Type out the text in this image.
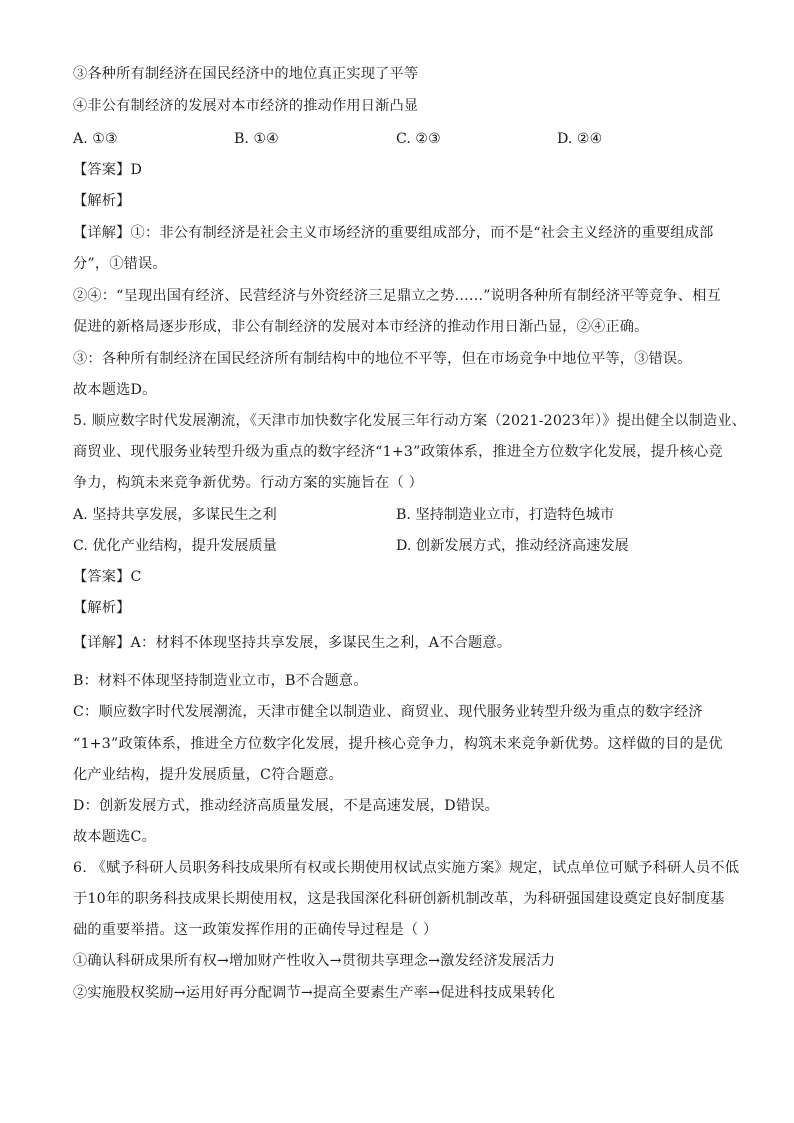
③各种所有制经济在国民经济中的地位真正实现了平等
④非公有制经济的发展对本市经济的推动作用日渐凸显
A. ①③	B. ①④	C. ②③	D. ②④
【答案】D
【解析】
【详解】①：非公有制经济是社会主义市场经济的重要组成部分，而不是“社会主义经济的重要组成部
分”，①错误。
②④：“呈现出国有经济、民营经济与外资经济三足鼎立之势……”说明各种所有制经济平等竞争、相互
促进的新格局逐步形成，非公有制经济的发展对本市经济的推动作用日渐凸显，②④正确。
③：各种所有制经济在国民经济所有制结构中的地位不平等，但在市场竞争中地位平等，③错误。
故本题选D。
5. 顺应数字时代发展潮流，《天津市加快数字化发展三年行动方案（2021-2023年）》提出健全以制造业、
商贸业、现代服务业转型升级为重点的数字经济“1+3”政策体系，推进全方位数字化发展，提升核心竞
争力，构筑未来竞争新优势。行动方案的实施旨在（ ）
A. 坚持共享发展，多谋民生之利	B. 坚持制造业立市，打造特色城市
C. 优化产业结构，提升发展质量	D. 创新发展方式，推动经济高速发展
【答案】C
【解析】
【详解】A：材料不体现坚持共享发展，多谋民生之利，A不合题意。
B：材料不体现坚持制造业立市，B不合题意。
C：顺应数字时代发展潮流，天津市健全以制造业、商贸业、现代服务业转型升级为重点的数字经济
“1+3”政策体系，推进全方位数字化发展，提升核心竞争力，构筑未来竞争新优势。这样做的目的是优
化产业结构，提升发展质量，C符合题意。
D：创新发展方式，推动经济高质量发展，不是高速发展，D错误。
故本题选C。
6. 《赋予科研人员职务科技成果所有权或长期使用权试点实施方案》规定，试点单位可赋予科研人员不低
于10年的职务科技成果长期使用权，这是我国深化科研创新机制改革，为科研强国建设奠定良好制度基
础的重要举措。这一政策发挥作用的正确传导过程是（ ）
①确认科研成果所有权→增加财产性收入→贯彻共享理念→激发经济发展活力
②实施股权奖励→运用好再分配调节→提高全要素生产率→促进科技成果转化
